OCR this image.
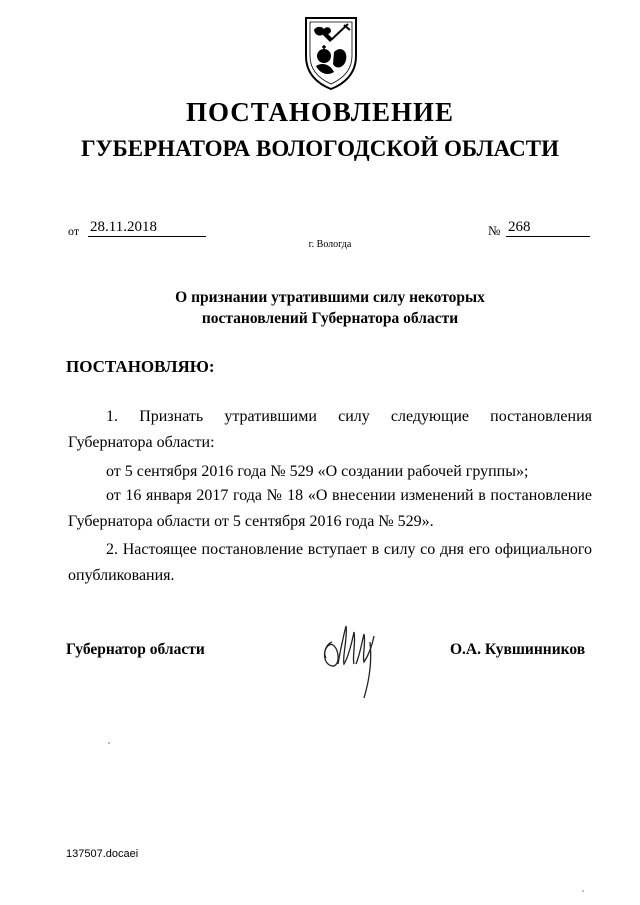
ПОСТАНОВЛЕНИЕ
ГУБЕРНАТОРА ВОЛОГОДСКОЙ ОБЛАСТИ
от 28.11.2018	№ 268
г. Вологда
О признании утратившими силу некоторых
постановлений Губернатора области
ПОСТАНОВЛЯЮ:
1. Признать утратившими силу следующие постановления Губернатора области:
от 5 сентября 2016 года № 529 «О создании рабочей группы»;
от 16 января 2017 года № 18 «О внесении изменений в постановление Губернатора области от 5 сентября 2016 года № 529».
2. Настоящее постановление вступает в силу со дня его официального опубликования.
Губернатор области	О.А. Кувшинников
137507.docaei
